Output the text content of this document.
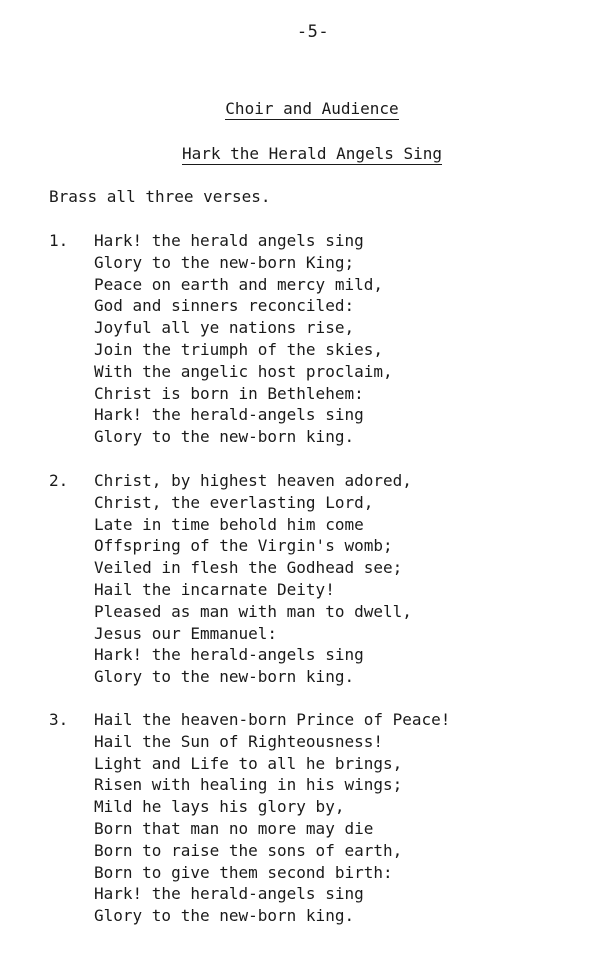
-5-
Choir and Audience
Hark the Herald Angels Sing
Brass all three verses.
1. Hark! the herald angels sing
Glory to the new-born King;
Peace on earth and mercy mild,
God and sinners reconciled:
Joyful all ye nations rise,
Join the triumph of the skies,
With the angelic host proclaim,
Christ is born in Bethlehem:
Hark! the herald-angels sing
Glory to the new-born king.
2. Christ, by highest heaven adored,
Christ, the everlasting Lord,
Late in time behold him come
Offspring of the Virgin's womb;
Veiled in flesh the Godhead see;
Hail the incarnate Deity!
Pleased as man with man to dwell,
Jesus our Emmanuel:
Hark! the herald-angels sing
Glory to the new-born king.
3. Hail the heaven-born Prince of Peace!
Hail the Sun of Righteousness!
Light and Life to all he brings,
Risen with healing in his wings;
Mild he lays his glory by,
Born that man no more may die
Born to raise the sons of earth,
Born to give them second birth:
Hark! the herald-angels sing
Glory to the new-born king.
